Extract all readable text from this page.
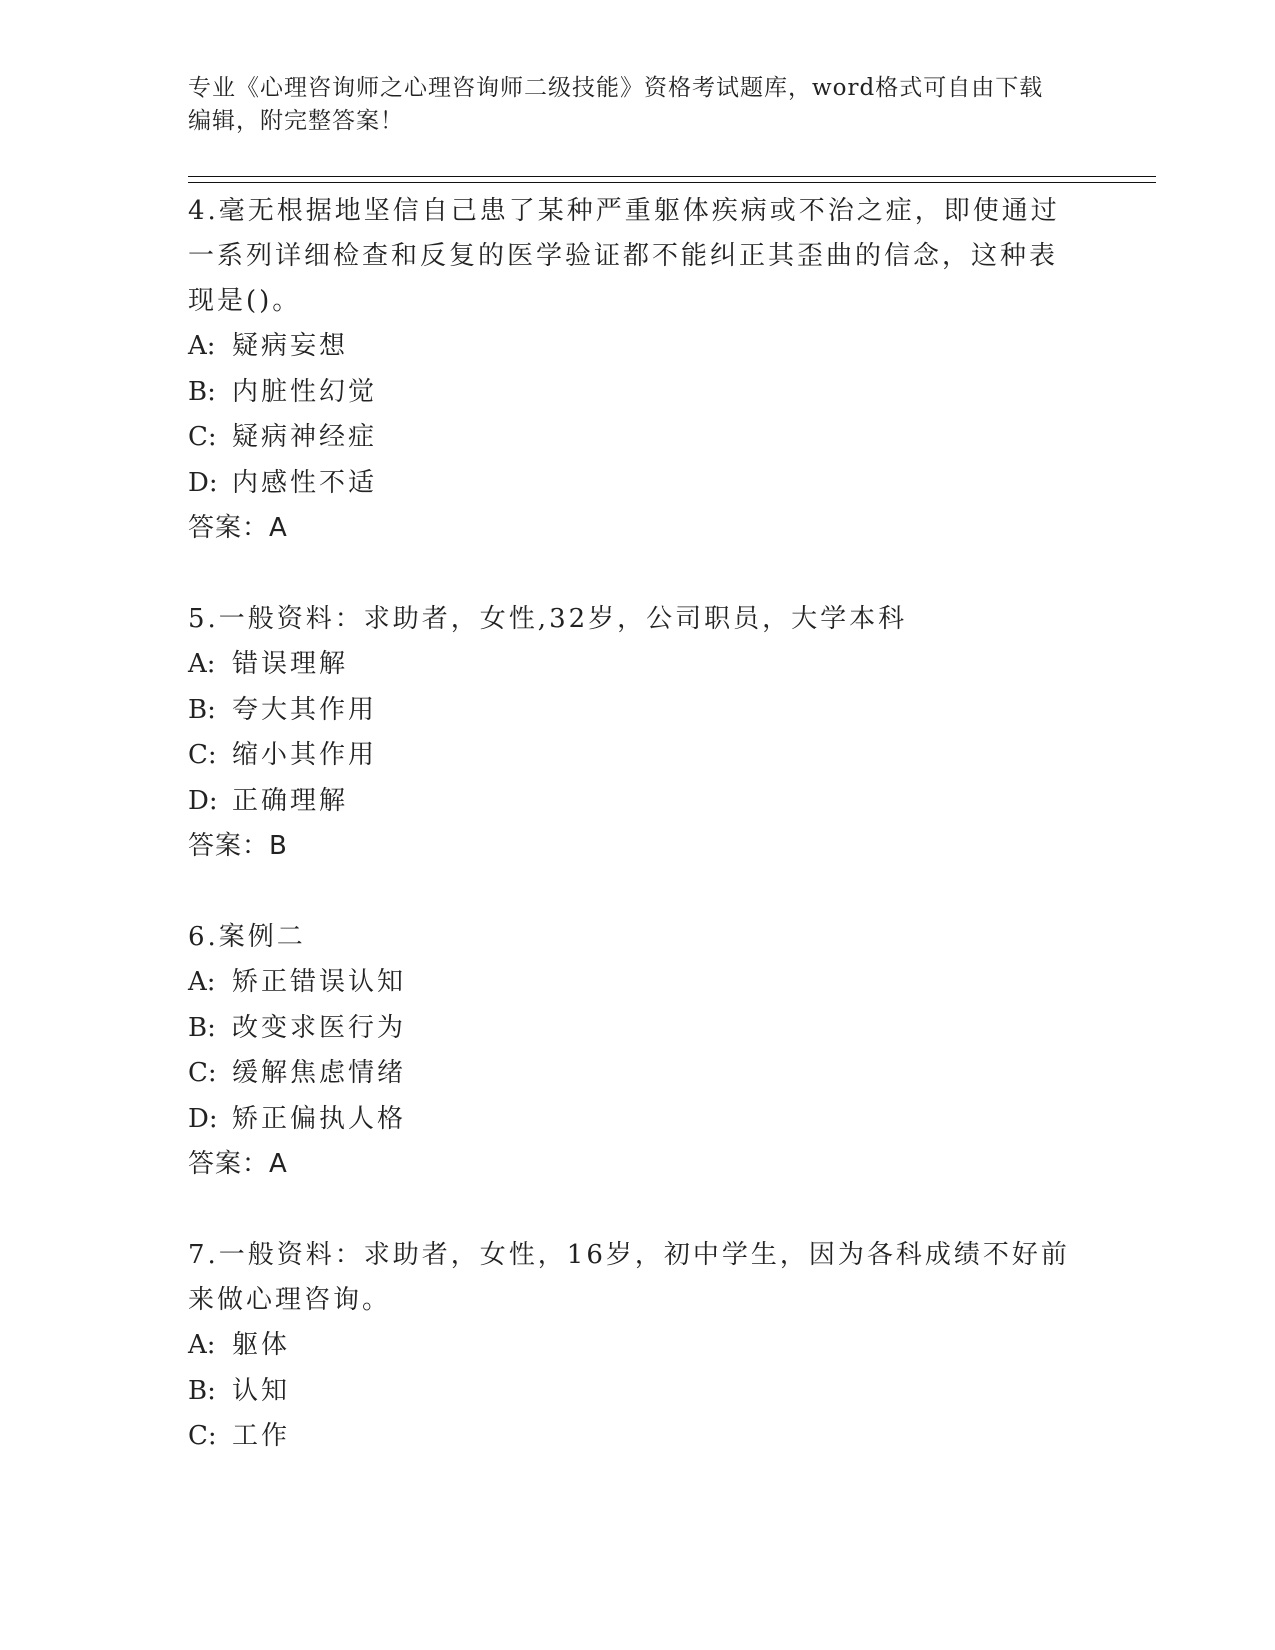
专业《心理咨询师之心理咨询师二级技能》资格考试题库，word格式可自由下载
编辑，附完整答案！

4.毫无根据地坚信自己患了某种严重躯体疾病或不治之症，即使通过

一系列详细检查和反复的医学验证都不能纠正其歪曲的信念，这种表

现是()。

A: 疑病妄想

B: 内脏性幻觉

C: 疑病神经症

D: 内感性不适

答案：A

5.一般资料：求助者，女性,32岁，公司职员，大学本科

A: 错误理解

B: 夸大其作用

C: 缩小其作用

D: 正确理解

答案：B

6.案例二

A: 矫正错误认知

B: 改变求医行为

C: 缓解焦虑情绪

D: 矫正偏执人格

答案：A

7.一般资料：求助者，女性，16岁，初中学生，因为各科成绩不好前

来做心理咨询。

A: 躯体

B: 认知

C: 工作
